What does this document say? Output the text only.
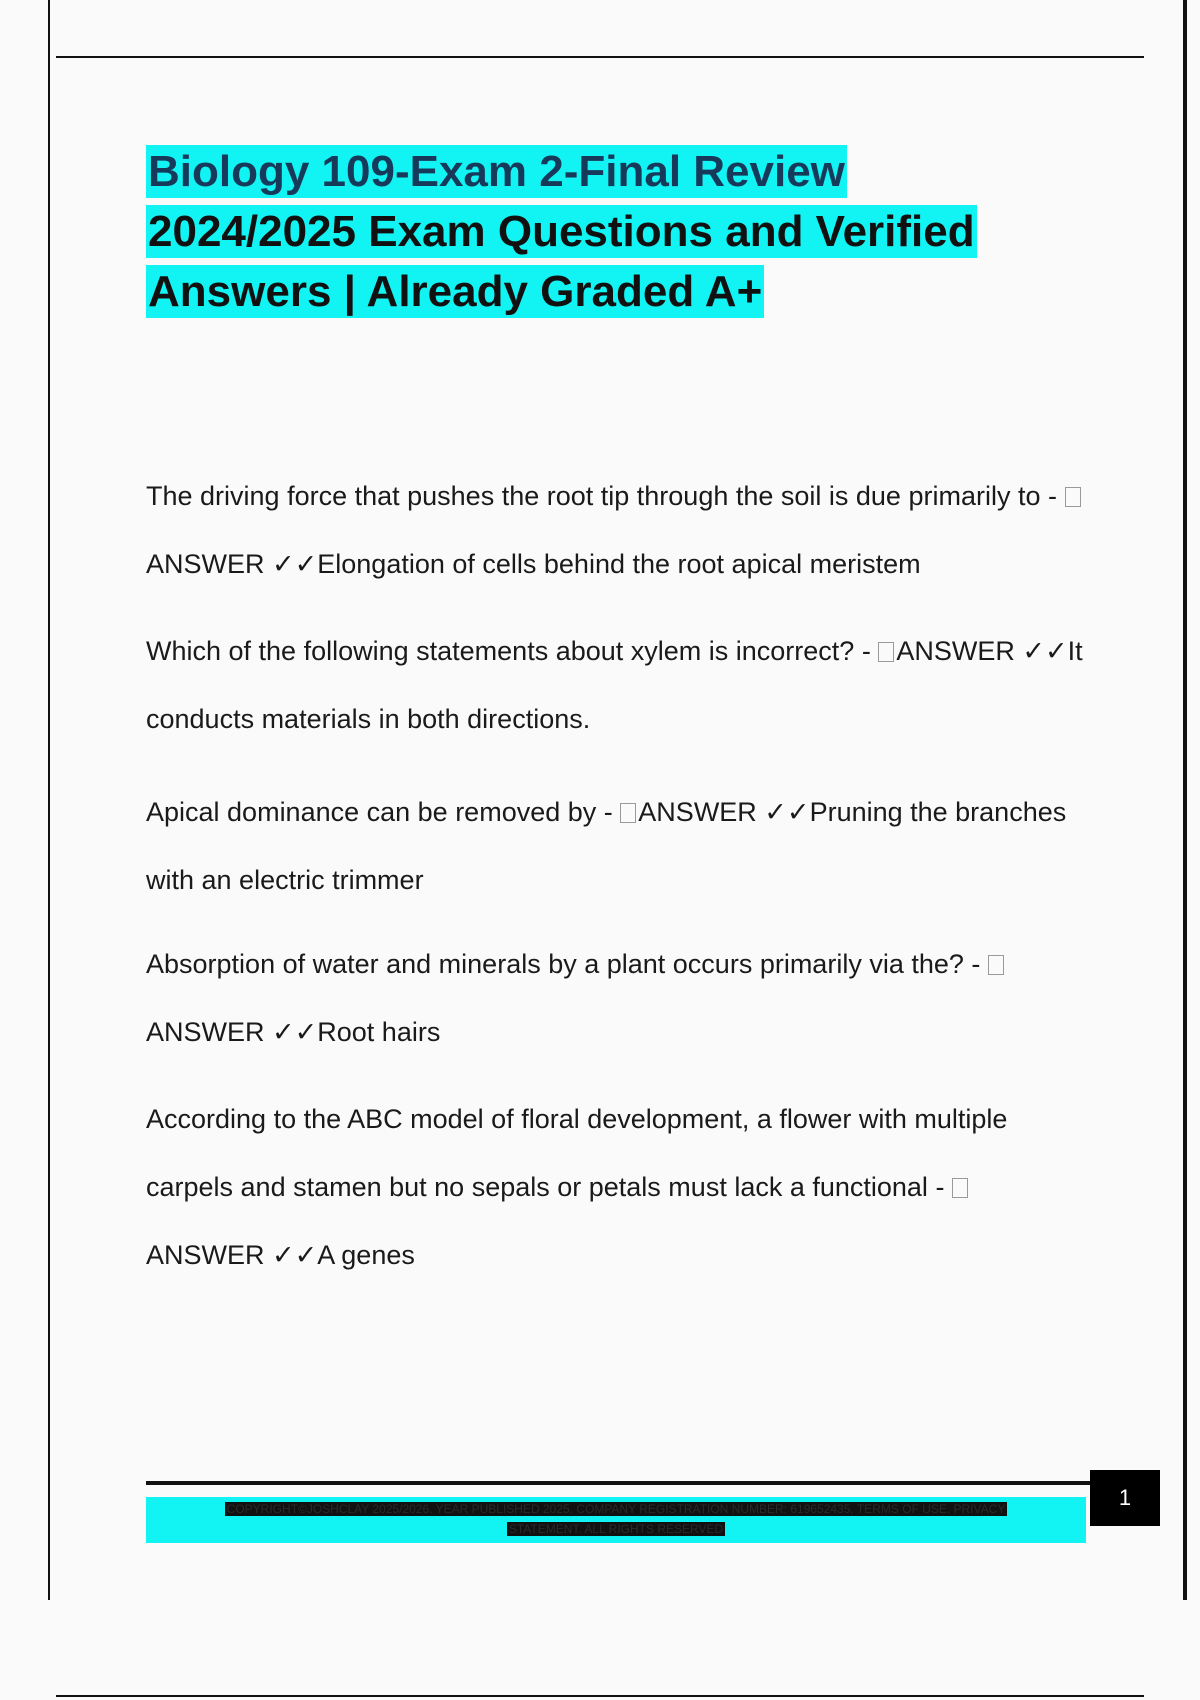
Biology 109-Exam 2-Final Review
2024/2025 Exam Questions and Verified
Answers | Already Graded A+

The driving force that pushes the root tip through the soil is due primarily to - ANSWER ✓✓Elongation of cells behind the root apical meristem

Which of the following statements about xylem is incorrect? - ANSWER ✓✓It conducts materials in both directions.

Apical dominance can be removed by - ANSWER ✓✓Pruning the branches with an electric trimmer

Absorption of water and minerals by a plant occurs primarily via the? - ANSWER ✓✓Root hairs

According to the ABC model of floral development, a flower with multiple carpels and stamen but no sepals or petals must lack a functional - ANSWER ✓✓A genes

COPYRIGHT©JOSHCLAY 2025/2026. YEAR PUBLISHED 2025. COMPANY REGISTRATION NUMBER: 619652435. TERMS OF USE. PRIVACY
STATEMENT. ALL RIGHTS RESERVED
1
